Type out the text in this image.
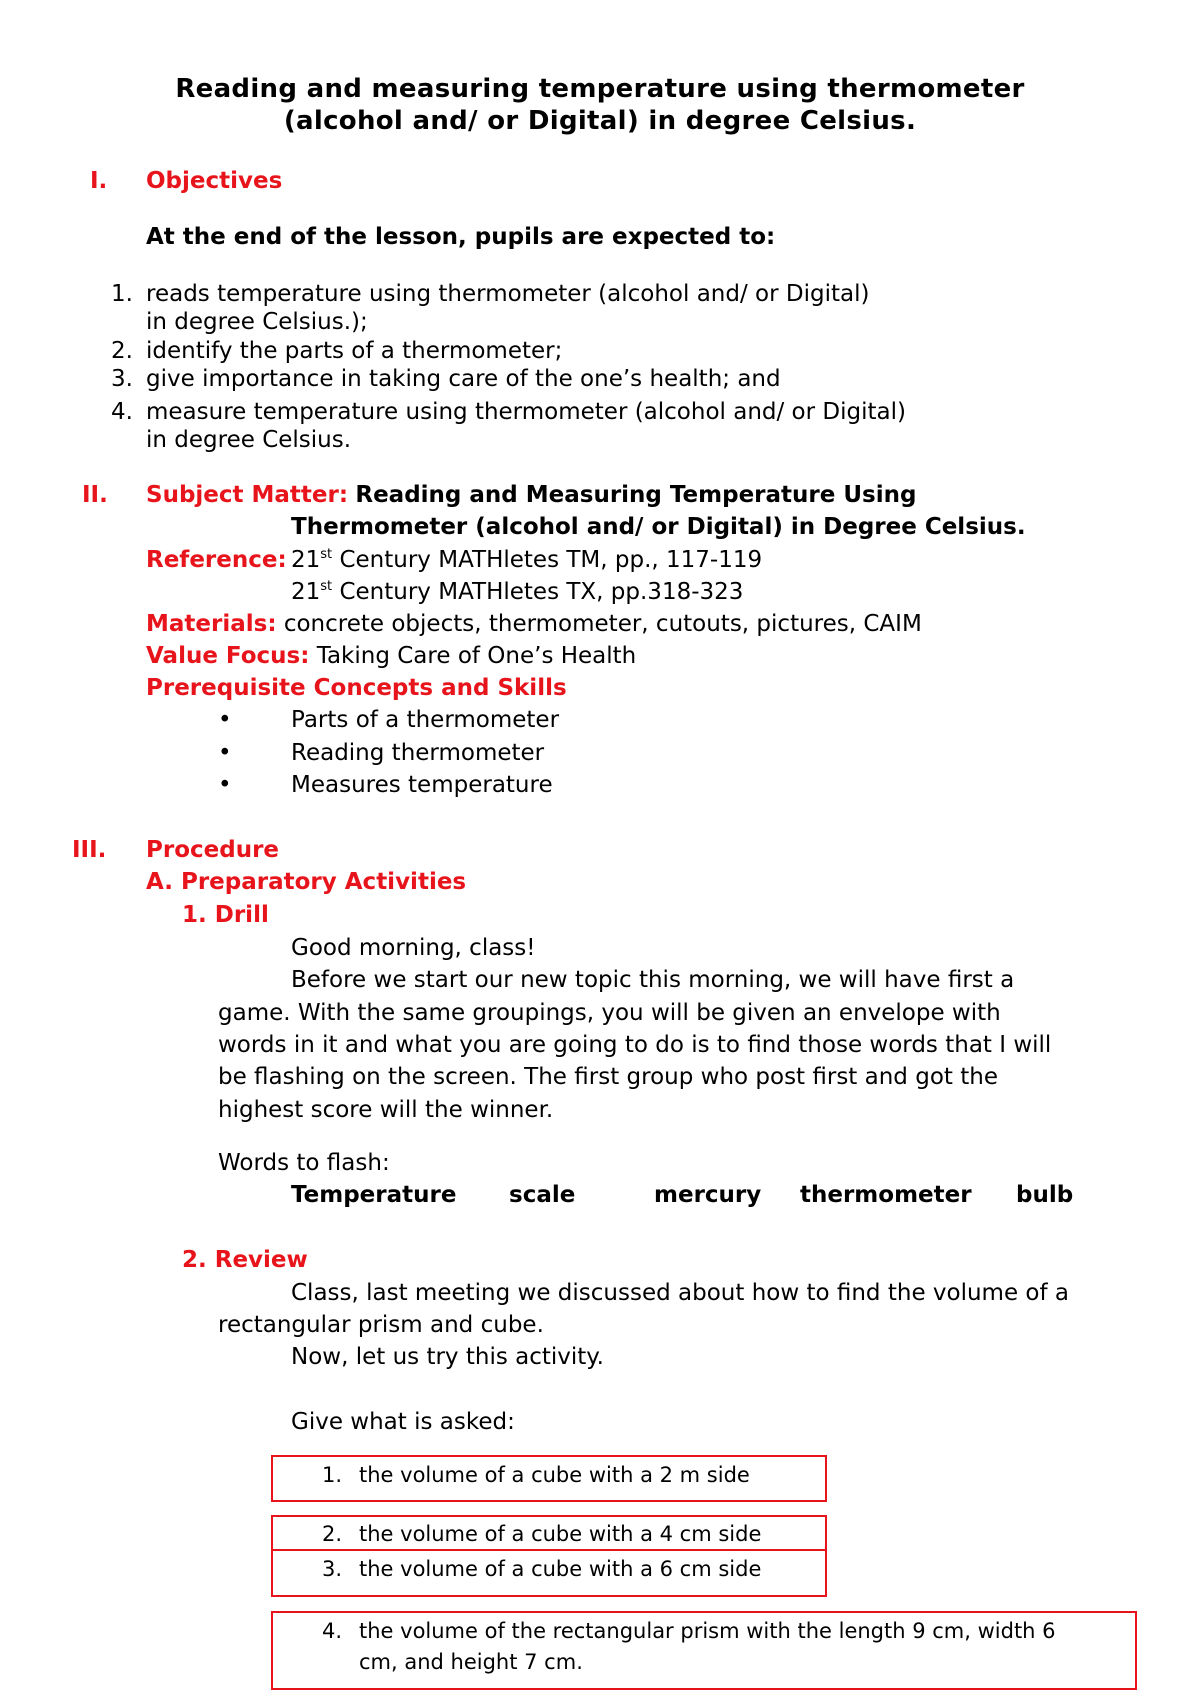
Reading and measuring temperature using thermometer
(alcohol and/ or Digital) in degree Celsius.
I. Objectives
At the end of the lesson, pupils are expected to:
1. reads temperature using thermometer (alcohol and/ or Digital)
in degree Celsius.);
2. identify the parts of a thermometer;
3. give importance in taking care of the one’s health; and
4. measure temperature using thermometer (alcohol and/ or Digital)
in degree Celsius.
II. Subject Matter: Reading and Measuring Temperature Using
Thermometer (alcohol and/ or Digital) in Degree Celsius.
Reference: 21st Century MATHletes TM, pp., 117-119
21st Century MATHletes TX, pp.318-323
Materials: concrete objects, thermometer, cutouts, pictures, CAIM
Value Focus: Taking Care of One’s Health
Prerequisite Concepts and Skills
•	Parts of a thermometer
•	Reading thermometer
•	Measures temperature
III. Procedure
A. Preparatory Activities
1. Drill
Good morning, class!
Before we start our new topic this morning, we will have first a
game. With the same groupings, you will be given an envelope with
words in it and what you are going to do is to find those words that I will
be flashing on the screen. The first group who post first and got the
highest score will the winner.
Words to flash:
Temperature scale	mercury thermometer bulb
2. Review
Class, last meeting we discussed about how to find the volume of a
rectangular prism and cube.
Now, let us try this activity.
Give what is asked:
1. the volume of a cube with a 2 m side
2. the volume of a cube with a 4 cm side
3. the volume of a cube with a 6 cm side
4. the volume of the rectangular prism with the length 9 cm, width 6
cm, and height 7 cm.
